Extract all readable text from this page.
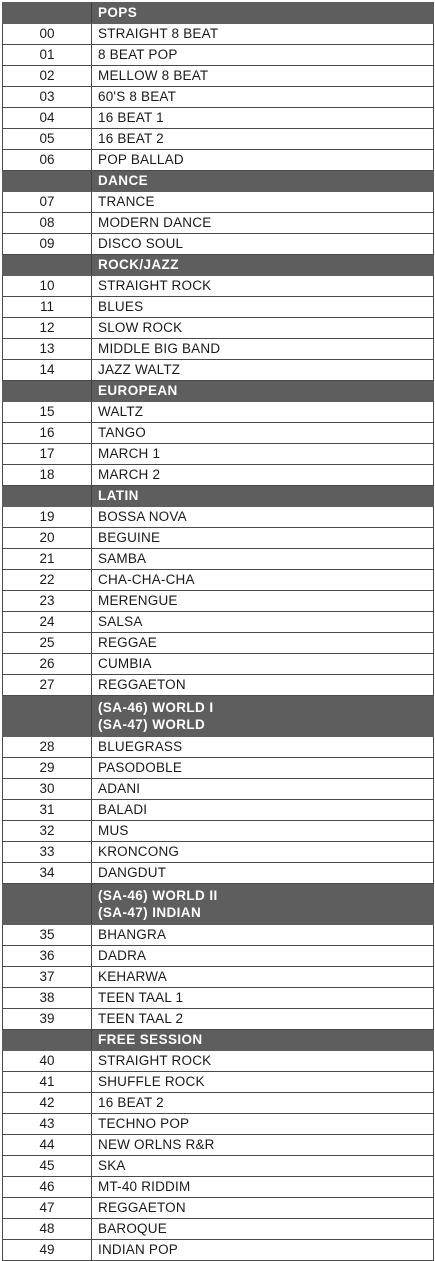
	POPS

00	STRAIGHT 8 BEAT
01	8 BEAT POP
02	MELLOW 8 BEAT
03	60'S 8 BEAT
04	16 BEAT 1
05	16 BEAT 2
06	POP BALLAD

	DANCE

07	TRANCE
08	MODERN DANCE
09	DISCO SOUL

	ROCK/JAZZ

10	STRAIGHT ROCK
11	BLUES
12	SLOW ROCK
13	MIDDLE BIG BAND
14	JAZZ WALTZ

	EUROPEAN

15	WALTZ
16	TANGO
17	MARCH 1
18	MARCH 2

	LATIN

19	BOSSA NOVA
20	BEGUINE
21	SAMBA
22	CHA-CHA-CHA
23	MERENGUE
24	SALSA
25	REGGAE
26	CUMBIA
27	REGGAETON

	(SA-46) WORLD I
(SA-47) WORLD

28	BLUEGRASS
29	PASODOBLE
30	ADANI
31	BALADI
32	MUS
33	KRONCONG
34	DANGDUT

	(SA-46) WORLD II
(SA-47) INDIAN

35	BHANGRA
36	DADRA
37	KEHARWA
38	TEEN TAAL 1
39	TEEN TAAL 2

	FREE SESSION

40	STRAIGHT ROCK
41	SHUFFLE ROCK
42	16 BEAT 2
43	TECHNO POP
44	NEW ORLNS R&R
45	SKA
46	MT-40 RIDDIM
47	REGGAETON
48	BAROQUE
49	INDIAN POP
